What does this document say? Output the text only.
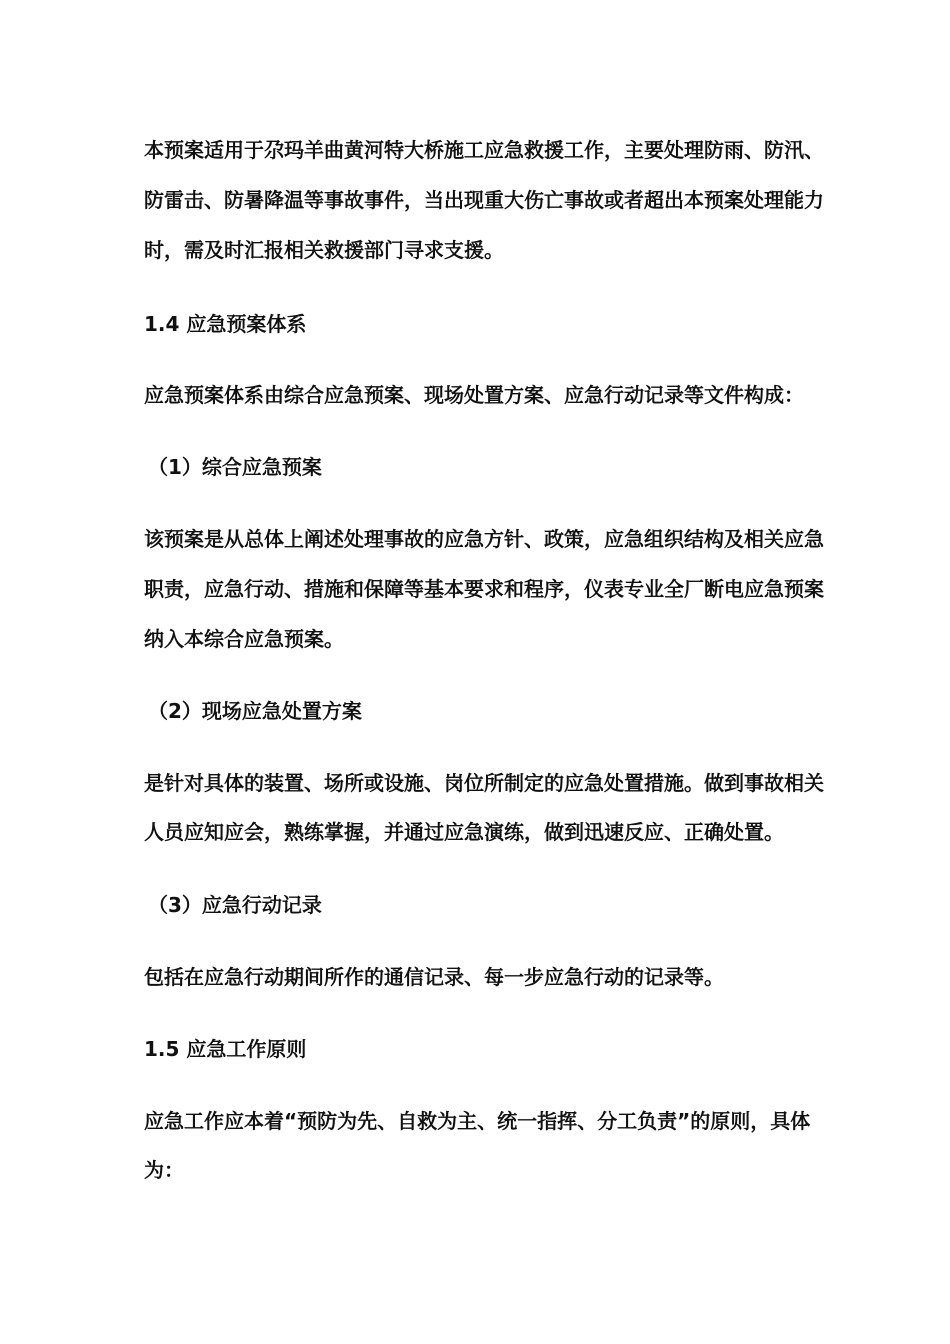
本预案适用于尕玛羊曲黄河特大桥施工应急救援工作，主要处理防雨、防汛、
防雷击、防暑降温等事故事件，当出现重大伤亡事故或者超出本预案处理能力
时，需及时汇报相关救援部门寻求支援。
1.4 应急预案体系
应急预案体系由综合应急预案、现场处置方案、应急行动记录等文件构成：
（1）综合应急预案
该预案是从总体上阐述处理事故的应急方针、政策，应急组织结构及相关应急
职责，应急行动、措施和保障等基本要求和程序，仪表专业全厂断电应急预案
纳入本综合应急预案。
（2）现场应急处置方案
是针对具体的装置、场所或设施、岗位所制定的应急处置措施。做到事故相关
人员应知应会，熟练掌握，并通过应急演练，做到迅速反应、正确处置。
（3）应急行动记录
包括在应急行动期间所作的通信记录、每一步应急行动的记录等。
1.5 应急工作原则
应急工作应本着“预防为先、自救为主、统一指挥、分工负责”的原则，具体
为：
